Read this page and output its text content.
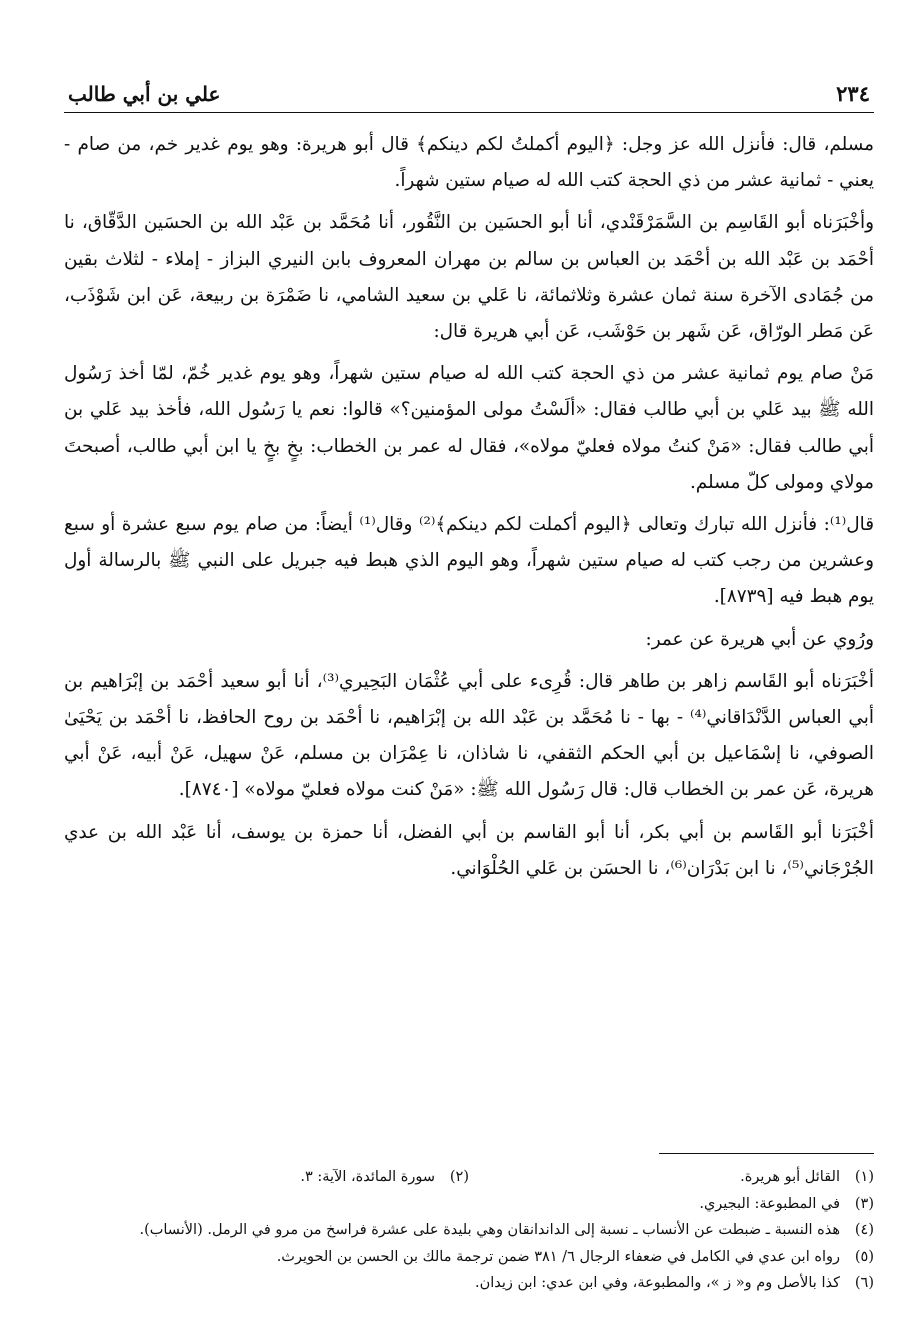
علي بن أبي طالب	٢٣٤

مسلم، قال: فأنزل الله عز وجل: ﴿اليوم أكملتُ لكم دينكم﴾ قال أبو هريرة: وهو يوم غدير خم، من صام - يعني - ثمانية عشر من ذي الحجة كتب الله له صيام ستين شهراً.

وأخْبَرَناه أبو القَاسِم بن السَّمَرْقَنْدي، أنا أبو الحسَين بن النَّقُور، أنا مُحَمَّد بن عَبْد الله بن الحسَين الدَّقّاق، نا أحْمَد بن عَبْد الله بن أحْمَد بن العباس بن سالم بن مهران المعروف بابن النيري البزاز - إملاء - لثلاث بقين من جُمَادى الآخرة سنة ثمان عشرة وثلاثمائة، نا عَلي بن سعيد الشامي، نا ضَمْرَة بن ربيعة، عَن ابن شَوْذَب، عَن مَطر الورّاق، عَن شَهر بن حَوْشَب، عَن أبي هريرة قال:

مَنْ صام يوم ثمانية عشر من ذي الحجة كتب الله له صيام ستين شهراً، وهو يوم غدير خُمّ، لمّا أخذ رَسُول الله ﷺ بيد عَلي بن أبي طالب فقال: «ألَسْتُ مولى المؤمنين؟» قالوا: نعم يا رَسُول الله، فأخذ بيد عَلي بن أبي طالب فقال: «مَنْ كنتُ مولاه فعليّ مولاه»، فقال له عمر بن الخطاب: بخٍ بخٍ يا ابن أبي طالب، أصبحتَ مولاي ومولى كلّ مسلم.

قال⁽¹⁾: فأنزل الله تبارك وتعالى ﴿اليوم أكملت لكم دينكم﴾⁽²⁾ وقال⁽¹⁾ أيضاً: من صام يوم سبع عشرة أو سبع وعشرين من رجب كتب له صيام ستين شهراً، وهو اليوم الذي هبط فيه جبريل على النبي ﷺ بالرسالة أول يوم هبط فيه [٨٧٣٩].

ورُوي عن أبي هريرة عن عمر:

أخْبَرَناه أبو القَاسم زاهر بن طاهر قال: قُرِىء على أبي عُثْمَان البَحِيري⁽³⁾، أنا أبو سعيد أحْمَد بن إبْرَاهيم بن أبي العباس الدَّنْدَاقاني⁽⁴⁾ - بها - نا مُحَمَّد بن عَبْد الله بن إبْرَاهيم، نا أحْمَد بن روح الحافظ، نا أحْمَد بن يَحْيَىٰ الصوفي، نا إسْمَاعيل بن أبي الحكم الثقفي، نا شاذان، نا عِمْرَان بن مسلم، عَنْ سهيل، عَنْ أبيه، عَنْ أبي هريرة، عَن عمر بن الخطاب قال: قال رَسُول الله ﷺ: «مَنْ كنت مولاه فعليّ مولاه» [٨٧٤٠].

أخْبَرَنا أبو القَاسم بن أبي بكر، أنا أبو القاسم بن أبي الفضل، أنا حمزة بن يوسف، أنا عَبْد الله بن عدي الجُرْجَاني⁽⁵⁾، نا ابن بَدْرَان⁽⁶⁾، نا الحسَن بن عَلي الحُلْوَاني.

(١)
القائل أبو هريرة.
(٢)
سورة المائدة، الآية: ٣.
(٣)
في المطبوعة: البجيري.
(٤)
هذه النسبة ـ ضبطت عن الأنساب ـ نسبة إلى الداندانقان وهي بليدة على عشرة فراسخ من مرو في الرمل. (الأنساب).
(٥)
رواه ابن عدي في الكامل في ضعفاء الرجال ٦/ ٣٨١ ضمن ترجمة مالك بن الحسن بن الحويرث.
(٦)
كذا بالأصل وم و« ز »، والمطبوعة، وفي ابن عدي: ابن زيدان.
